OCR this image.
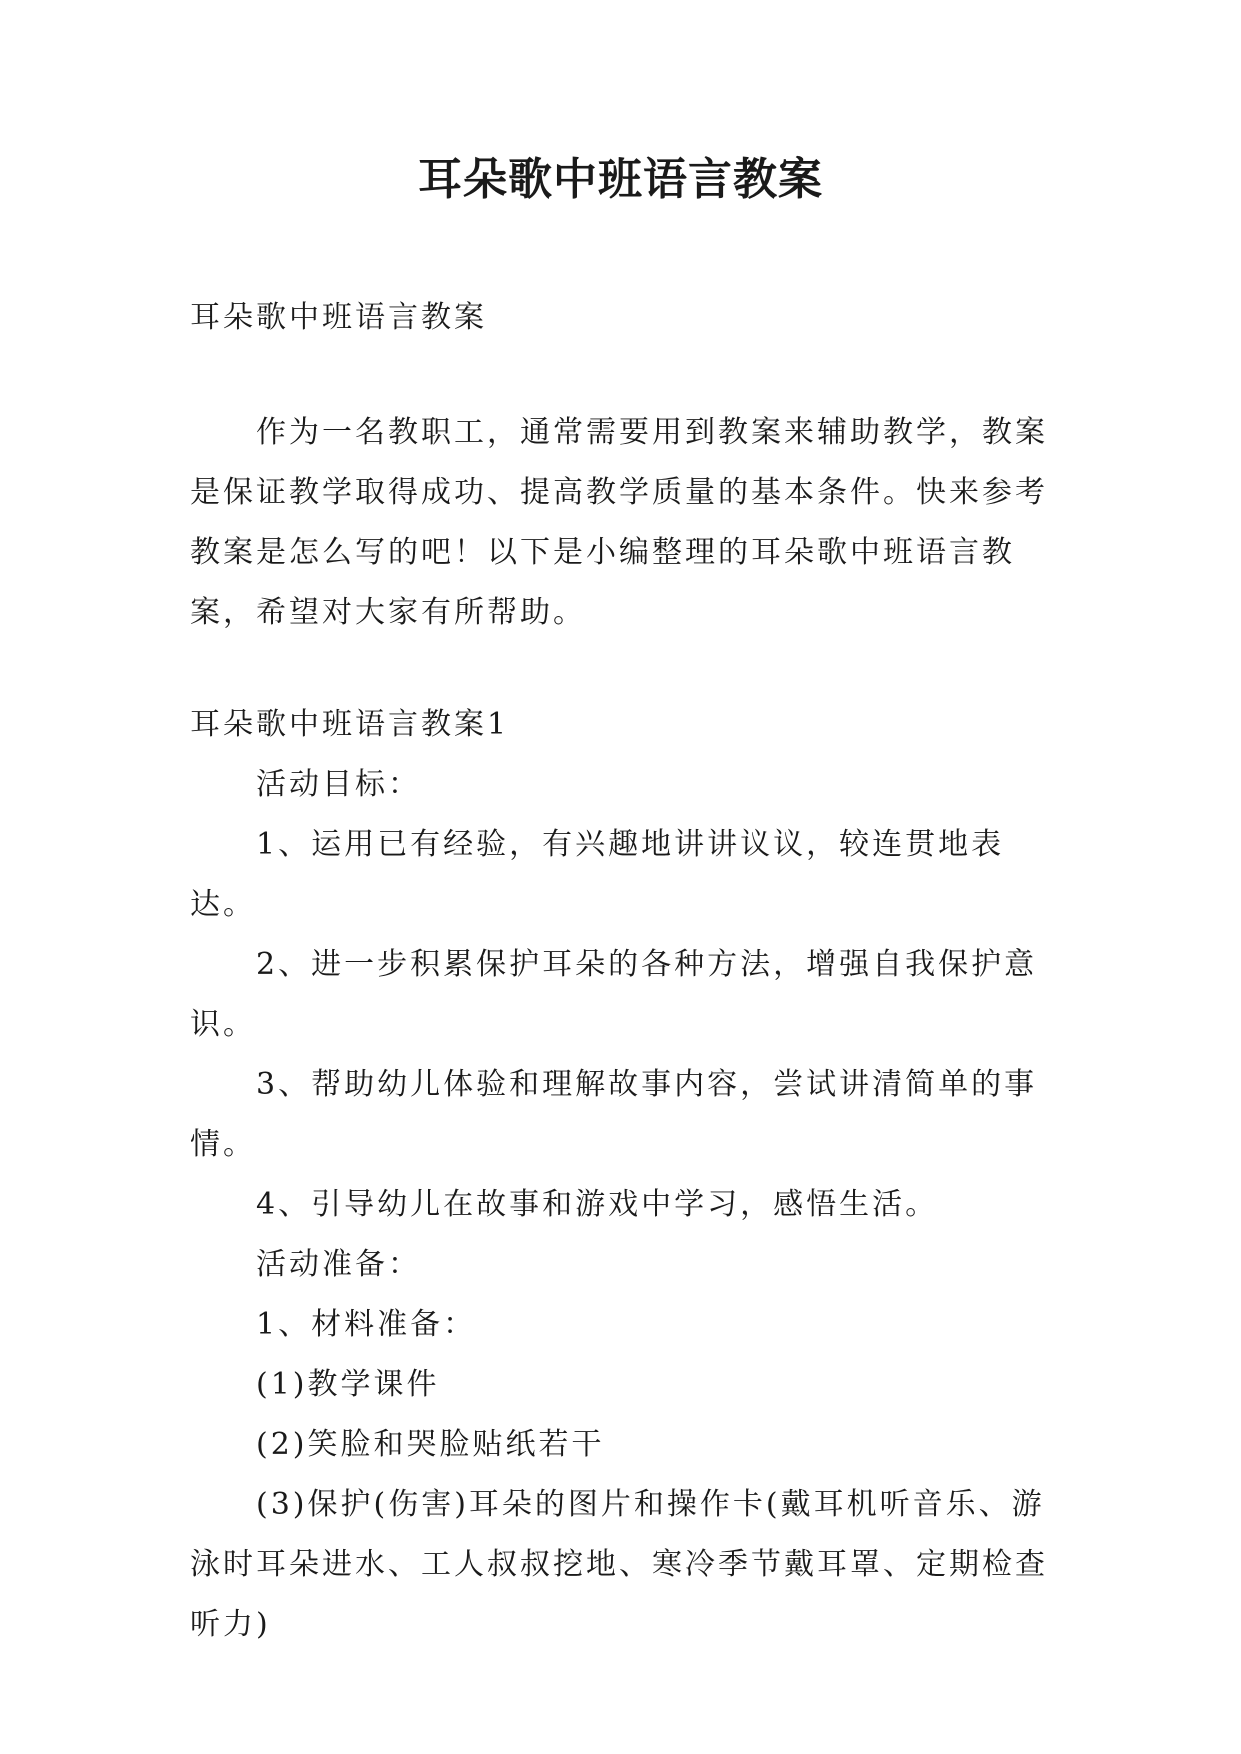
耳朵歌中班语言教案

耳朵歌中班语言教案

作为一名教职工，通常需要用到教案来辅助教学，教案是保证教学取得成功、提高教学质量的基本条件。快来参考教案是怎么写的吧！以下是小编整理的耳朵歌中班语言教案，希望对大家有所帮助。

耳朵歌中班语言教案1

活动目标：

1、运用已有经验，有兴趣地讲讲议议，较连贯地表达。

2、进一步积累保护耳朵的各种方法，增强自我保护意识。

3、帮助幼儿体验和理解故事内容，尝试讲清简单的事情。

4、引导幼儿在故事和游戏中学习，感悟生活。

活动准备：

1、材料准备：

(1)教学课件

(2)笑脸和哭脸贴纸若干

(3)保护(伤害)耳朵的图片和操作卡(戴耳机听音乐、游泳时耳朵进水、工人叔叔挖地、寒冷季节戴耳罩、定期检查听力)
